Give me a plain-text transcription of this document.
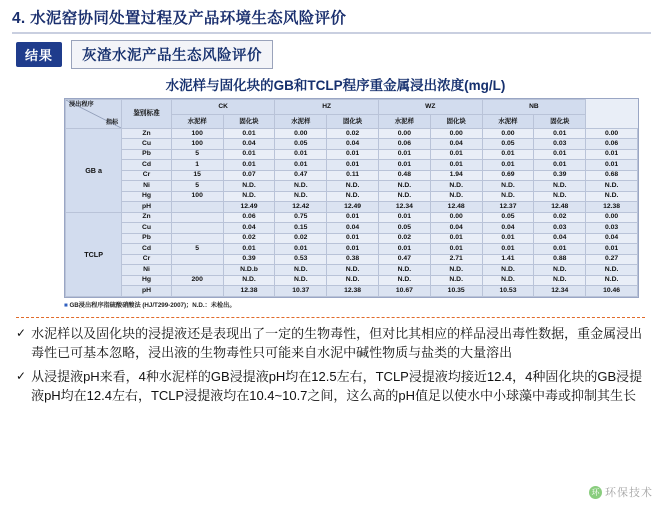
4. 水泥窑协同处置过程及产品环境生态风险评价
结果	灰渣水泥产品生态风险评价
水泥样与固化块的GB和TCLP程序重金属浸出浓度(mg/L)
浸出程序
指标	鉴别标准	CK		HZ		WZ		NB		
		水泥样	固化块	水泥样	固化块	水泥样	固化块	水泥样	固化块	
GB a	Zn	100	0.01	0.00	0.02	0.00	0.00	0.00	0.01	0.00
	Cu	100	0.04	0.05	0.04	0.06	0.04	0.05	0.03	0.06
	Pb	5	0.01	0.01	0.01	0.01	0.01	0.01	0.01	0.01
	Cd	1	0.01	0.01	0.01	0.01	0.01	0.01	0.01	0.01
	Cr	15	0.07	0.47	0.11	0.48	1.94	0.69	0.39	0.68
	Ni	5	N.D.	N.D.	N.D.	N.D.	N.D.	N.D.	N.D.	N.D.
	Hg	100	N.D.	N.D.	N.D.	N.D.	N.D.	N.D.	N.D.	N.D.
	pH		12.49	12.42	12.49	12.34	12.48	12.37	12.48	12.38
TCLP	Zn		0.06	0.75	0.01	0.01	0.00	0.05	0.02	0.00
	Cu		0.04	0.15	0.04	0.05	0.04	0.04	0.03	0.03
	Pb		0.02	0.02	0.01	0.02	0.01	0.01	0.04	0.04
	Cd	5	0.01	0.01	0.01	0.01	0.01	0.01	0.01	0.01
	Cr		0.39	0.53	0.38	0.47	2.71	1.41	0.88	0.27
	Ni		N.D.b	N.D.	N.D.	N.D.	N.D.	N.D.	N.D.	N.D.
	Hg	200	N.D.	N.D.	N.D.	N.D.	N.D.	N.D.	N.D.	N.D.
	pH		12.38	10.37	12.38	10.67	10.35	10.53	12.34	10.46
■ GB浸出程序指硫酸硝酸法 (HJ/T299-2007)；N.D.：未检出。
✓ 水泥样以及固化块的浸提液还是表现出了一定的生物毒性，但对比其相应的样品浸出毒性数据，重金属浸出毒性已可基本忽略，浸出液的生物毒性只可能来自水泥中碱性物质与盐类的大量溶出
✓ 从浸提液pH来看，4种水泥样的GB浸提液pH均在12.5左右，TCLP浸提液均接近12.4，4种固化块的GB浸提液pH均在12.4左右，TCLP浸提液均在10.4~10.7之间，这么高的pH值足以使水中小球藻中毒或抑制其生长
环 环保技术
